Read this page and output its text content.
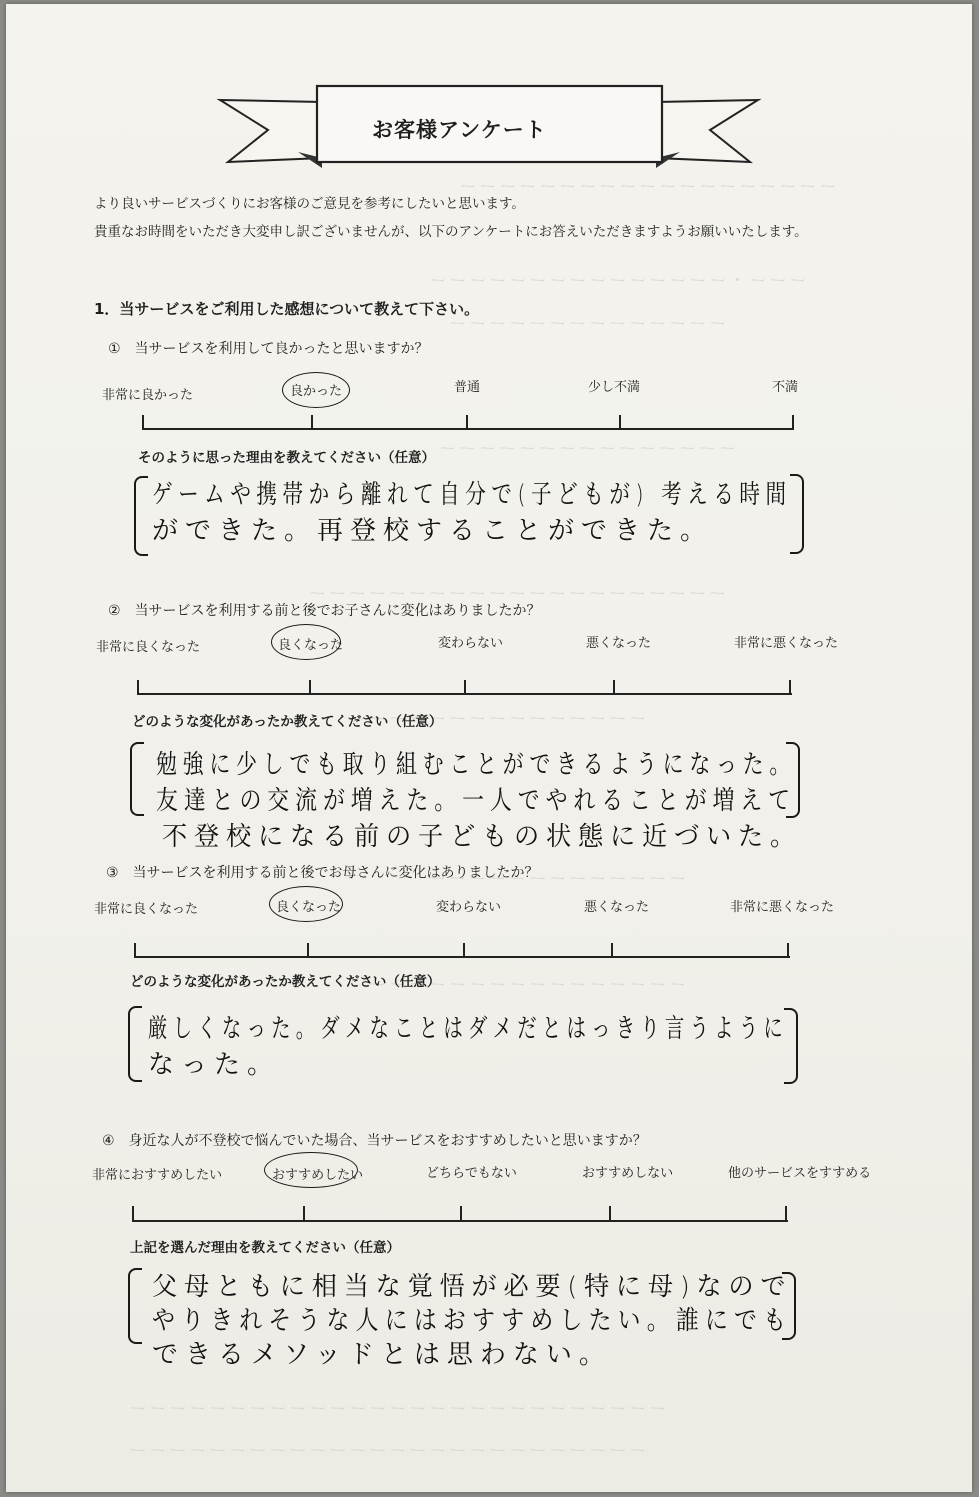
ーーーーーーーーーーーーーーーーーーー
ーーー・ーーーーーーーーーーーーーーー
ーーーーーーーーーーーーーー
ーーーーーーーーーーーーーーー
ーーーーーーーーーーーーーーーーーーーーー
ーーーーーーーーーーーーーーー
ーーーーーーーーーーーーー
ーーーーーーーーーーーーーーーー
ーーーーーーーーーーーーーーーーーーーーーーーーーーー
ーーーーーーーーーーーーーーーーーーーーーーーーーー
お客様アンケート
より良いサービスづくりにお客様のご意見を参考にしたいと思います。
貴重なお時間をいただき大変申し訳ございませんが、以下のアンケートにお答えいただきますようお願いいたします。
1．当サービスをご利用した感想について教えて下さい。
①　当サービスを利用して良かったと思いますか？
非常に良かった	良かった	普通	少し不満	不満
そのように思った理由を教えてください（任意）
ゲームや携帯から離れて自分で(子どもが) 考える時間
ができた。再登校することができた。
②　当サービスを利用する前と後でお子さんに変化はありましたか？
非常に良くなった	良くなった	変わらない	悪くなった	非常に悪くなった
どのような変化があったか教えてください（任意）
勉強に少しでも取り組むことができるようになった。
友達との交流が増えた。一人でやれることが増えて
不登校になる前の子どもの状態に近づいた。
③　当サービスを利用する前と後でお母さんに変化はありましたか？
非常に良くなった	良くなった	変わらない	悪くなった	非常に悪くなった
どのような変化があったか教えてください（任意）
厳しくなった。ダメなことはダメだとはっきり言うように
なった。
④　身近な人が不登校で悩んでいた場合、当サービスをおすすめしたいと思いますか？
非常におすすめしたい	おすすめしたい	どちらでもない	おすすめしない	他のサービスをすすめる
上記を選んだ理由を教えてください（任意）
父母ともに相当な覚悟が必要(特に母)なので
やりきれそうな人にはおすすめしたい。誰にでも
できるメソッドとは思わない。
